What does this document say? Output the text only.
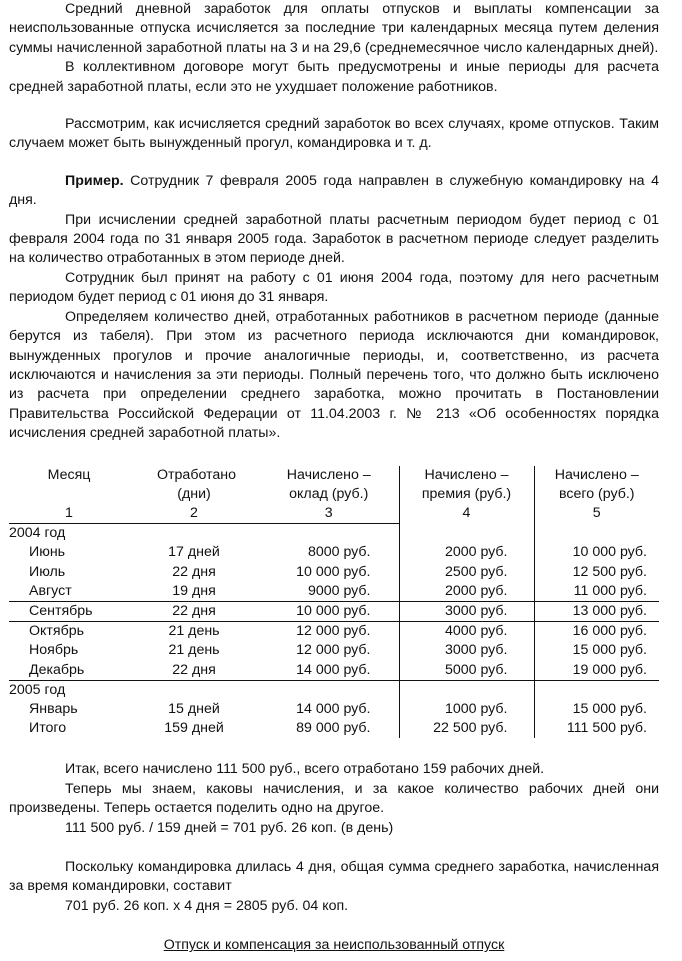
Средний дневной заработок для оплаты отпусков и выплаты компенсации за неиспользованные отпуска исчисляется за последние три календарных месяца путем деления суммы начисленной заработной платы на 3 и на 29,6 (среднемесячное число календарных дней).

В коллективном договоре могут быть предусмотрены и иные периоды для расчета средней заработной платы, если это не ухудшает положение работников.

Рассмотрим, как исчисляется средний заработок во всех случаях, кроме отпусков. Таким случаем может быть вынужденный прогул, командировка и т. д.

Пример. Сотрудник 7 февраля 2005 года направлен в служебную командировку на 4 дня.

При исчислении средней заработной платы расчетным периодом будет период с 01 февраля 2004 года по 31 января 2005 года. Заработок в расчетном периоде следует разделить на количество отработанных в этом периоде дней.

Сотрудник был принят на работу с 01 июня 2004 года, поэтому для него расчетным периодом будет период с 01 июня до 31 января.

Определяем количество дней, отработанных работников в расчетном периоде (данные берутся из табеля). При этом из расчетного периода исключаются дни командировок, вынужденных прогулов и прочие аналогичные периоды, и, соответственно, из расчета исключаются и начисления за эти периоды. Полный перечень того, что должно быть исключено из расчета при определении среднего заработка, можно прочитать в Постановлении Правительства Российской Федерации от 11.04.2003 г. № 213 «Об особенностях порядка исчисления средней заработной платы».

Месяц	Отработано (дни)	Начислено – оклад (руб.)	Начислено – премия (руб.)	Начислено – всего (руб.)
1	2	3	4	5
2004 год				
Июнь	17 дней	8000 руб.	2000 руб.	10 000 руб.
Июль	22 дня	10 000 руб.	2500 руб.	12 500 руб.
Август	19 дня	9000 руб.	2000 руб.	11 000 руб.
Сентябрь	22 дня	10 000 руб.	3000 руб.	13 000 руб.
Октябрь	21 день	12 000 руб.	4000 руб.	16 000 руб.
Ноябрь	21 день	12 000 руб.	3000 руб.	15 000 руб.
Декабрь	22 дня	14 000 руб.	5000 руб.	19 000 руб.
2005 год				
Январь	15 дней	14 000 руб.	1000 руб.	15 000 руб.
Итого	159 дней	89 000 руб.	22 500 руб.	111 500 руб.

Итак, всего начислено 111 500 руб., всего отработано 159 рабочих дней.

Теперь мы знаем, каковы начисления, и за какое количество рабочих дней они произведены. Теперь остается поделить одно на другое.

111 500 руб. / 159 дней = 701 руб. 26 коп. (в день)

Поскольку командировка длилась 4 дня, общая сумма среднего заработка, начисленная за время командировки, составит

701 руб. 26 коп. х 4 дня = 2805 руб. 04 коп.

Отпуск и компенсация за неиспользованный отпуск
